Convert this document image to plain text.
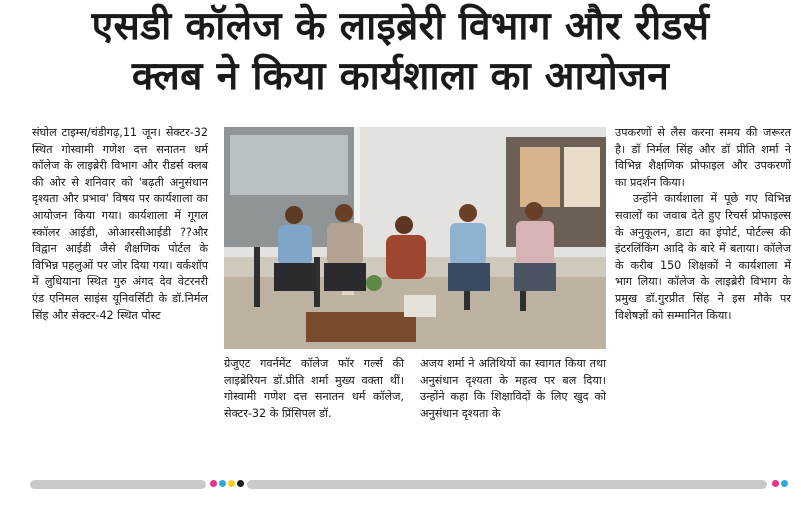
एसडी कॉलेज के लाइब्रेरी विभाग और रीडर्स
क्लब ने किया कार्यशाला का आयोजन

संघोल टाइम्स/चंडीगढ़,11 जून। सेक्टर-32 स्थित गोस्वामी गणेश दत्त सनातन धर्म कॉलेज के लाइब्रेरी विभाग और रीडर्स क्लब की ओर से शनिवार को 'बढ़ती अनुसंधान दृश्यता और प्रभाव' विषय पर कार्यशाला का आयोजन किया गया। कार्यशाला में गूगल स्कॉलर आईडी, ओआरसीआईडी ??और विद्वान आईडी जैसे शैक्षणिक पोर्टल के विभिन्न पहलुओं पर जोर दिया गया। वर्कशॉप में लुधियाना स्थित गुरु अंगद देव वेटरनरी एंड एनिमल साइंस यूनिवर्सिटी के डॉ.निर्मल सिंह और सेक्टर-42 स्थित पोस्ट

ग्रेजुएट गवर्नमेंट कॉलेज फॉर गर्ल्स की लाइब्रेरियन डॉ.प्रीति शर्मा मुख्य वक्ता थीं। गोस्वामी गणेश दत्त सनातन धर्म कॉलेज, सेक्टर-32 के प्रिंसिपल डॉ.

अजय शर्मा ने अतिथियों का स्वागत किया तथा अनुसंधान दृश्यता के महत्व पर बल दिया। उन्होंने कहा कि शिक्षाविदों के लिए खुद को अनुसंधान दृश्यता के

उपकरणों से लैस करना समय की जरूरत है। डॉ निर्मल सिंह और डॉ प्रीति शर्मा ने विभिन्न शैक्षणिक प्रोफाइल और उपकरणों का प्रदर्शन किया।

उन्होंने कार्यशाला में पूछे गए विभिन्न सवालों का जवाब देते हुए रिचर्स प्रोफाइल्स के अनुकूलन, डाटा का इंपोर्ट, पोर्टल्स की इंटरलिंकिंग आदि के बारे में बताया। कॉलेज के करीब 150 शिक्षकों ने कार्यशाला में भाग लिया। कॉलेज के लाइब्रेरी विभाग के प्रमुख डॉ.गुरप्रीत सिंह ने इस मौके पर विशेषज्ञों को सम्मानित किया।
